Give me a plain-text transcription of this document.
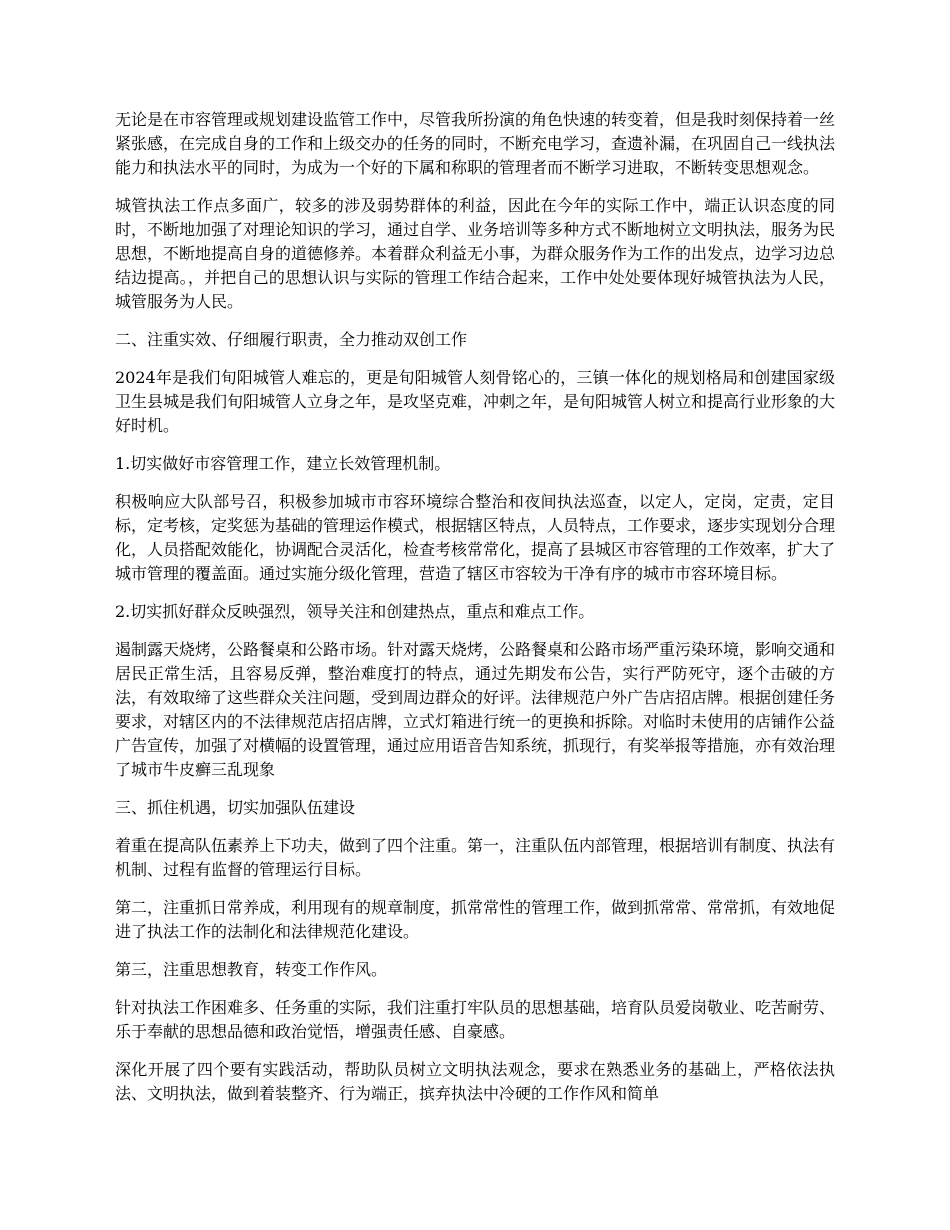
无论是在市容管理或规划建设监管工作中，尽管我所扮演的角色快速的转变着，但是我时刻保持着一丝紧张感，在完成自身的工作和上级交办的任务的同时，不断充电学习，查遗补漏，在巩固自己一线执法能力和执法水平的同时，为成为一个好的下属和称职的管理者而不断学习进取，不断转变思想观念。

城管执法工作点多面广，较多的涉及弱势群体的利益，因此在今年的实际工作中，端正认识态度的同时，不断地加强了对理论知识的学习，通过自学、业务培训等多种方式不断地树立文明执法，服务为民思想，不断地提高自身的道德修养。本着群众利益无小事，为群众服务作为工作的出发点，边学习边总结边提高。，并把自己的思想认识与实际的管理工作结合起来，工作中处处要体现好城管执法为人民，城管服务为人民。

二、注重实效、仔细履行职责，全力推动双创工作

2024年是我们旬阳城管人难忘的，更是旬阳城管人刻骨铭心的，三镇一体化的规划格局和创建国家级卫生县城是我们旬阳城管人立身之年，是攻坚克难，冲刺之年，是旬阳城管人树立和提高行业形象的大好时机。

1.切实做好市容管理工作，建立长效管理机制。

积极响应大队部号召，积极参加城市市容环境综合整治和夜间执法巡查，以定人，定岗，定责，定目标，定考核，定奖惩为基础的管理运作模式，根据辖区特点，人员特点，工作要求，逐步实现划分合理化，人员搭配效能化，协调配合灵活化，检查考核常常化，提高了县城区市容管理的工作效率，扩大了城市管理的覆盖面。通过实施分级化管理，营造了辖区市容较为干净有序的城市市容环境目标。

2.切实抓好群众反映强烈，领导关注和创建热点，重点和难点工作。

遏制露天烧烤，公路餐桌和公路市场。针对露天烧烤，公路餐桌和公路市场严重污染环境，影响交通和居民正常生活，且容易反弹，整治难度打的特点，通过先期发布公告，实行严防死守，逐个击破的方法，有效取缔了这些群众关注问题，受到周边群众的好评。法律规范户外广告店招店牌。根据创建任务要求，对辖区内的不法律规范店招店牌，立式灯箱进行统一的更换和拆除。对临时未使用的店铺作公益广告宣传，加强了对横幅的设置管理，通过应用语音告知系统，抓现行，有奖举报等措施，亦有效治理了城市牛皮癣三乱现象

三、抓住机遇，切实加强队伍建设

着重在提高队伍素养上下功夫，做到了四个注重。第一，注重队伍内部管理，根据培训有制度、执法有机制、过程有监督的管理运行目标。

第二，注重抓日常养成，利用现有的规章制度，抓常常性的管理工作，做到抓常常、常常抓，有效地促进了执法工作的法制化和法律规范化建设。

第三，注重思想教育，转变工作作风。

针对执法工作困难多、任务重的实际，我们注重打牢队员的思想基础，培育队员爱岗敬业、吃苦耐劳、乐于奉献的思想品德和政治觉悟，增强责任感、自豪感。

深化开展了四个要有实践活动，帮助队员树立文明执法观念，要求在熟悉业务的基础上，严格依法执法、文明执法，做到着装整齐、行为端正，摈弃执法中冷硬的工作作风和简单
